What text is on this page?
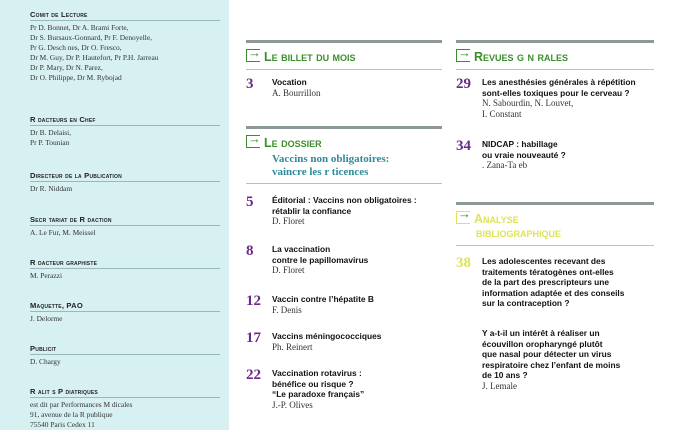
Comit de Lecture
Pr D. Bonnet, Dr A. Brami Forte,
Dr S. Bursaux-Gonnard, Pr F. Denoyelle,
Pr G. Desch nes, Dr O. Fresco,
Dr M. Guy, Dr P. Hautefort, Pr P.H. Jarreau
Dr P. Mary, Dr N. Parez,
Dr O. Philippe, Dr M. Rybojad
R dacteurs en Chef
Dr B. Delaisi,
Pr P. Tounian
Directeur de la Publication
Dr R. Niddam
Secr tariat de R daction
A. Le Fur, M. Meissel
R dacteur graphiste
M. Perazzi
Maquette, PAO
J. Delorme
Publicit
D. Chargy
R alit s P diatriques
est dit par Performances M dicales
91, avenue de la R publique
75540 Paris Cedex 11
Le billet du mois
3 Vocation
A. Bourrillon
Le dossier
Vaccins non obligatoires:
vaincre les r ticences
5 Éditorial : Vaccins non obligatoires :
rétablir la confiance
D. Floret
8 La vaccination
contre le papillomavirus
D. Floret
12 Vaccin contre l’hépatite B
F. Denis
17 Vaccins méningococciques
Ph. Reinert
22 Vaccination rotavirus :
bénéfice ou risque ?
“Le paradoxe français”
J.-P. Olives
Revues g n rales
29 Les anesthésies générales à répétition
sont-elles toxiques pour le cerveau ?
N. Sabourdin, N. Louvet,
I. Constant
34 NIDCAP : habillage
ou vraie nouveauté ?
. Zana-Ta eb
Analyse
bibliographique
38 Les adolescentes recevant des
traitements tératogènes ont-elles
de la part des prescripteurs une
information adaptée et des conseils
sur la contraception ?
Y a-t-il un intérêt à réaliser un
écouvillon oropharyngé plutôt
que nasal pour détecter un virus
respiratoire chez l’enfant de moins
de 10 ans ?
J. Lemale
